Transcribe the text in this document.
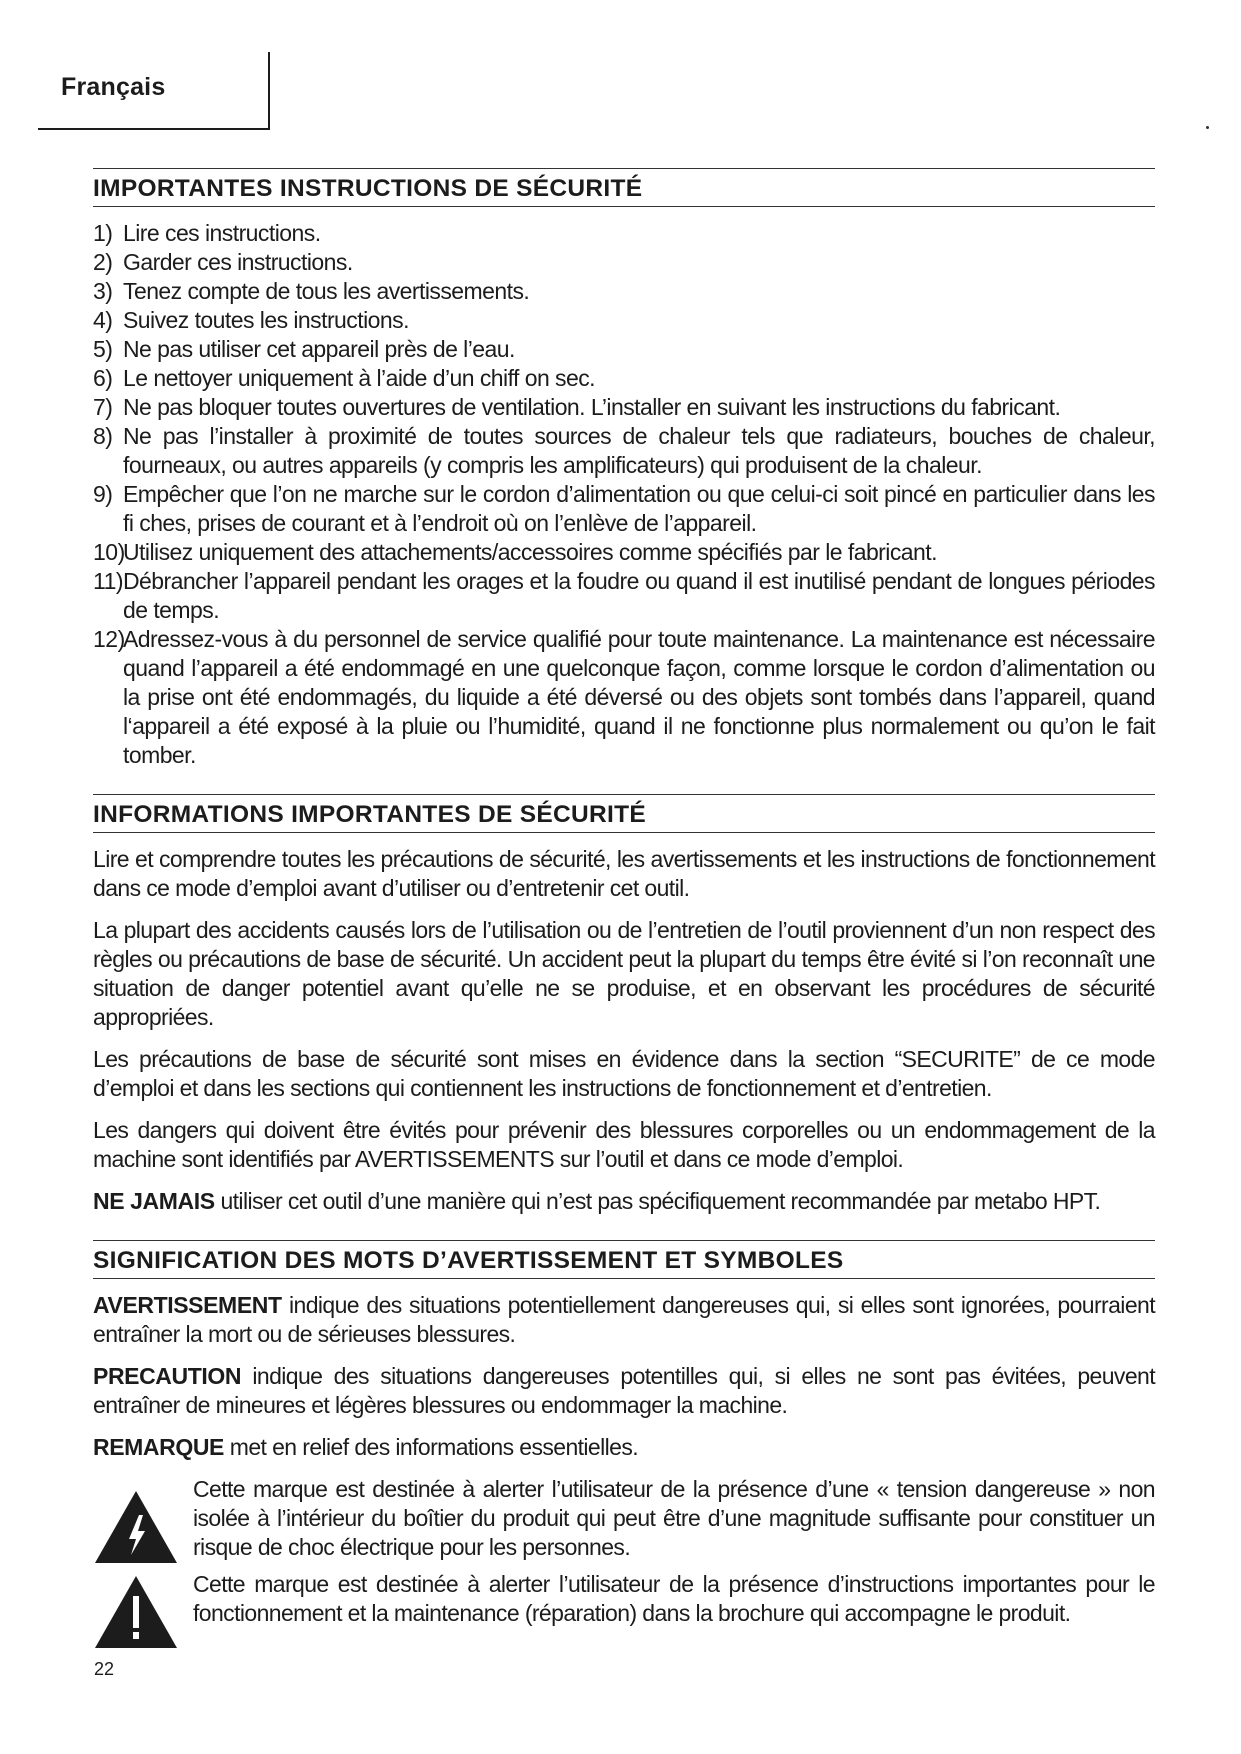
Français
IMPORTANTES INSTRUCTIONS DE SÉCURITÉ
1) Lire ces instructions.
2) Garder ces instructions.
3) Tenez compte de tous les avertissements.
4) Suivez toutes les instructions.
5) Ne pas utiliser cet appareil près de l’eau.
6) Le nettoyer uniquement à l’aide d’un chiff on sec.
7) Ne pas bloquer toutes ouvertures de ventilation. L’installer en suivant les instructions du fabricant.
8) Ne pas l’installer à proximité de toutes sources de chaleur tels que radiateurs, bouches de chaleur, fourneaux, ou autres appareils (y compris les amplificateurs) qui produisent de la chaleur.
9) Empêcher que l’on ne marche sur le cordon d’alimentation ou que celui-ci soit pincé en particulier dans les fi ches, prises de courant et à l’endroit où on l’enlève de l’appareil.
10)
Utilisez uniquement des attachements/accessoires comme spécifiés par le fabricant.
11) Débrancher l’appareil pendant les orages et la foudre ou quand il est inutilisé pendant de longues périodes de temps.
12)
Adressez-vous à du personnel de service qualifié pour toute maintenance. La maintenance est nécessaire quand l’appareil a été endommagé en une quelconque façon, comme lorsque le cordon d’alimentation ou la prise ont été endommagés, du liquide a été déversé ou des objets sont tombés dans l’appareil, quand l‘appareil a été exposé à la pluie ou l’humidité, quand il ne fonctionne plus normalement ou qu’on le fait tomber.
INFORMATIONS IMPORTANTES DE SÉCURITÉ

Lire et comprendre toutes les précautions de sécurité, les avertissements et les instructions de fonctionnement dans ce mode d’emploi avant d’utiliser ou d’entretenir cet outil.

La plupart des accidents causés lors de l’utilisation ou de l’entretien de l’outil proviennent d’un non respect des règles ou précautions de base de sécurité. Un accident peut la plupart du temps être évité si l’on reconnaît une situation de danger potentiel avant qu’elle ne se produise, et en observant les procédures de sécurité appropriées.

Les précautions de base de sécurité sont mises en évidence dans la section “SECURITE” de ce mode d’emploi et dans les sections qui contiennent les instructions de fonctionnement et d’entretien.

Les dangers qui doivent être évités pour prévenir des blessures corporelles ou un endommagement de la machine sont identifiés par AVERTISSEMENTS sur l’outil et dans ce mode d’emploi.

NE JAMAIS utiliser cet outil d’une manière qui n’est pas spécifiquement recommandée par metabo HPT.

SIGNIFICATION DES MOTS D’AVERTISSEMENT ET SYMBOLES

AVERTISSEMENT indique des situations potentiellement dangereuses qui, si elles sont ignorées, pourraient entraîner la mort ou de sérieuses blessures.

PRECAUTION indique des situations dangereuses potentilles qui, si elles ne sont pas évitées, peuvent entraîner de mineures et légères blessures ou endommager la machine.

REMARQUE met en relief des informations essentielles.

Cette marque est destinée à alerter l’utilisateur de la présence d’une « tension dangereuse » non isolée à l’intérieur du boîtier du produit qui peut être d’une magnitude suffisante pour constituer un risque de choc électrique pour les personnes.

Cette marque est destinée à alerter l’utilisateur de la présence d’instructions importantes pour le fonctionnement et la maintenance (réparation) dans la brochure qui accompagne le produit.

22
